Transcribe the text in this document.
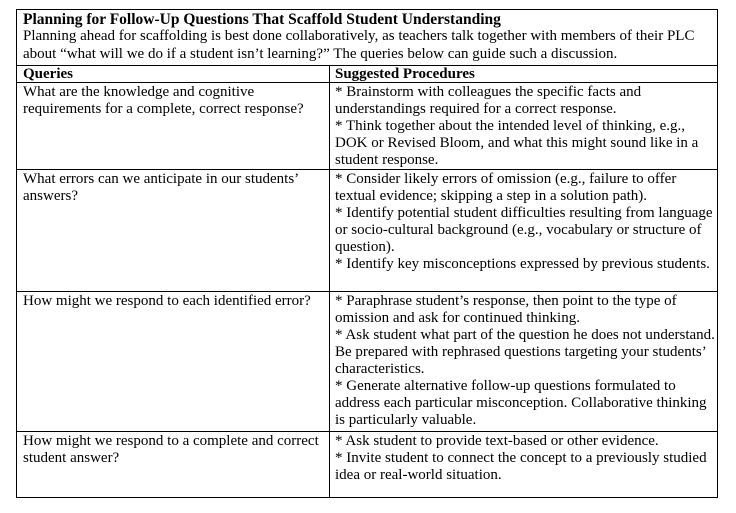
Planning for Follow-Up Questions That Scaffold Student Understanding
Planning ahead for scaffolding is best done collaboratively, as teachers talk together with members of their PLC about “what will we do if a student isn’t learning?” The queries below can guide such a discussion.
Queries	Suggested Procedures
What are the knowledge and cognitive requirements for a complete, correct response?

* Brainstorm with colleagues the specific facts and understandings required for a correct response.

* Think together about the intended level of thinking, e.g., DOK or Revised Bloom, and what this might sound like in a student response.

What errors can we anticipate in our students’ answers?

* Consider likely errors of omission (e.g., failure to offer textual evidence; skipping a step in a solution path).

* Identify potential student difficulties resulting from language or socio-cultural background (e.g., vocabulary or structure of question).

* Identify key misconceptions expressed by previous students.

How might we respond to each identified error?	* Paraphrase student’s response, then point to the type of omission and ask for continued thinking.

* Ask student what part of the question he does not understand. Be prepared with rephrased questions targeting your students’ characteristics.

* Generate alternative follow-up questions formulated to address each particular misconception. Collaborative thinking is particularly valuable.

How might we respond to a complete and correct student answer?

* Ask student to provide text-based or other evidence.

* Invite student to connect the concept to a previously studied idea or real-world situation.
